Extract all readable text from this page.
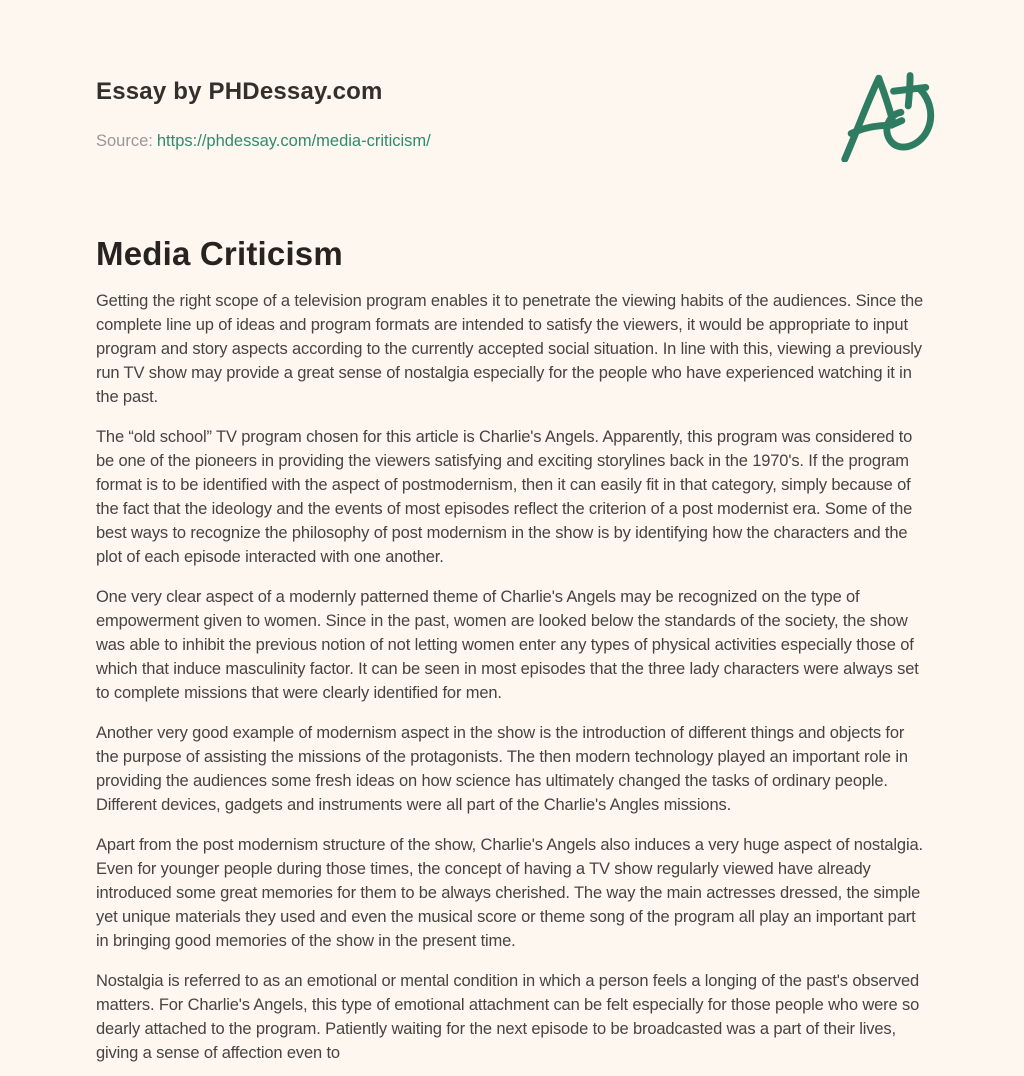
Essay by PHDessay.com
Source: https://phdessay.com/media-criticism/
Media Criticism

Getting the right scope of a television program enables it to penetrate the viewing habits of the audiences. Since the complete line up of ideas and program formats are intended to satisfy the viewers, it would be appropriate to input program and story aspects according to the currently accepted social situation. In line with this, viewing a previously run TV show may provide a great sense of nostalgia especially for the people who have experienced watching it in the past.

The “old school” TV program chosen for this article is Charlie's Angels. Apparently, this program was considered to be one of the pioneers in providing the viewers satisfying and exciting storylines back in the 1970's. If the program format is to be identified with the aspect of postmodernism, then it can easily fit in that category, simply because of the fact that the ideology and the events of most episodes reflect the criterion of a post modernist era. Some of the best ways to recognize the philosophy of post modernism in the show is by identifying how the characters and the plot of each episode interacted with one another.

One very clear aspect of a modernly patterned theme of Charlie's Angels may be recognized on the type of empowerment given to women. Since in the past, women are looked below the standards of the society, the show was able to inhibit the previous notion of not letting women enter any types of physical activities especially those of which that induce masculinity factor. It can be seen in most episodes that the three lady characters were always set to complete missions that were clearly identified for men.

Another very good example of modernism aspect in the show is the introduction of different things and objects for the purpose of assisting the missions of the protagonists. The then modern technology played an important role in providing the audiences some fresh ideas on how science has ultimately changed the tasks of ordinary people. Different devices, gadgets and instruments were all part of the Charlie's Angles missions.

Apart from the post modernism structure of the show, Charlie's Angels also induces a very huge aspect of nostalgia. Even for younger people during those times, the concept of having a TV show regularly viewed have already introduced some great memories for them to be always cherished. The way the main actresses dressed, the simple yet unique materials they used and even the musical score or theme song of the program all play an important part in bringing good memories of the show in the present time.

Nostalgia is referred to as an emotional or mental condition in which a person feels a longing of the past's observed matters. For Charlie's Angels, this type of emotional attachment can be felt especially for those people who were so dearly attached to the program. Patiently waiting for the next episode to be broadcasted was a part of their lives, giving a sense of affection even to
